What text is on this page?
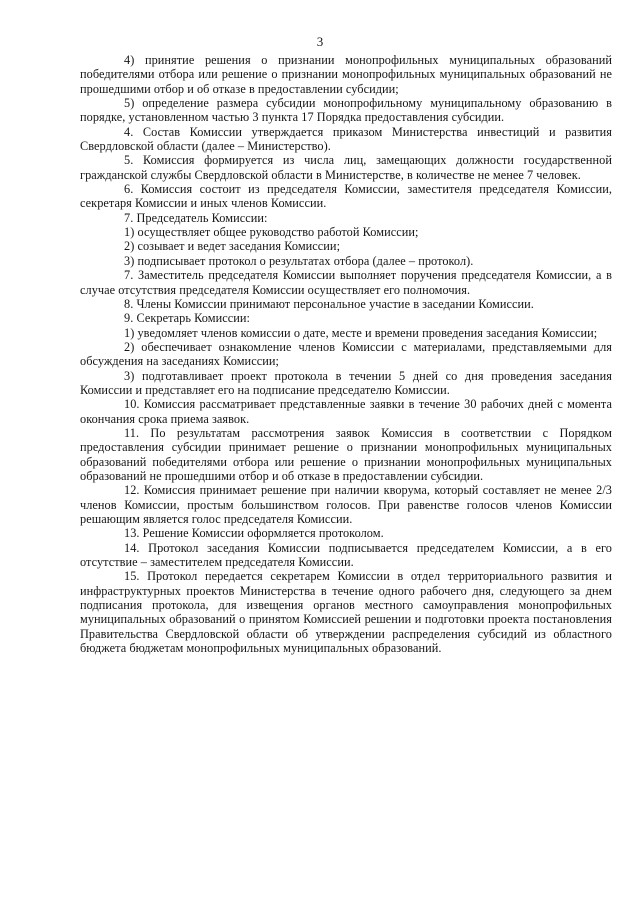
3

4) принятие решения о признании монопрофильных муниципальных образований победителями отбора или решение о признании монопрофильных муниципальных образований не прошедшими отбор и об отказе в предоставлении субсидии;

5) определение размера субсидии монопрофильному муниципальному образованию в порядке, установленном частью 3 пункта 17 Порядка предоставления субсидии.

4. Состав Комиссии утверждается приказом Министерства инвестиций и развития Свердловской области (далее – Министерство).

5. Комиссия формируется из числа лиц, замещающих должности государственной гражданской службы Свердловской области в Министерстве, в количестве не менее 7 человек.

6. Комиссия состоит из председателя Комиссии, заместителя председателя Комиссии, секретаря Комиссии и иных членов Комиссии.

7. Председатель Комиссии:

1) осуществляет общее руководство работой Комиссии;

2) созывает и ведет заседания Комиссии;

3) подписывает протокол о результатах отбора (далее – протокол).

7. Заместитель председателя Комиссии выполняет поручения председателя Комиссии, а в случае отсутствия председателя Комиссии осуществляет его полномочия.

8. Члены Комиссии принимают персональное участие в заседании Комиссии.

9. Секретарь Комиссии:

1) уведомляет членов комиссии о дате, месте и времени проведения заседания Комиссии;

2) обеспечивает ознакомление членов Комиссии с материалами, представляемыми для обсуждения на заседаниях Комиссии;

3) подготавливает проект протокола в течении 5 дней со дня проведения заседания Комиссии и представляет его на подписание председателю Комиссии.

10. Комиссия рассматривает представленные заявки в течение 30 рабочих дней с момента окончания срока приема заявок.

11. По результатам рассмотрения заявок Комиссия в соответствии с Порядком предоставления субсидии принимает решение о признании монопрофильных муниципальных образований победителями отбора или решение о признании монопрофильных муниципальных образований не прошедшими отбор и об отказе в предоставлении субсидии.

12. Комиссия принимает решение при наличии кворума, который составляет не менее 2/3 членов Комиссии, простым большинством голосов. При равенстве голосов членов Комиссии решающим является голос председателя Комиссии.

13. Решение Комиссии оформляется протоколом.

14. Протокол заседания Комиссии подписывается председателем Комиссии, а в его отсутствие – заместителем председателя Комиссии.

15. Протокол передается секретарем Комиссии в отдел территориального развития и инфраструктурных проектов Министерства в течение одного рабочего дня, следующего за днем подписания протокола, для извещения органов местного самоуправления монопрофильных муниципальных образований о принятом Комиссией решении и подготовки проекта постановления Правительства Свердловской области об утверждении распределения субсидий из областного бюджета бюджетам монопрофильных муниципальных образований.
